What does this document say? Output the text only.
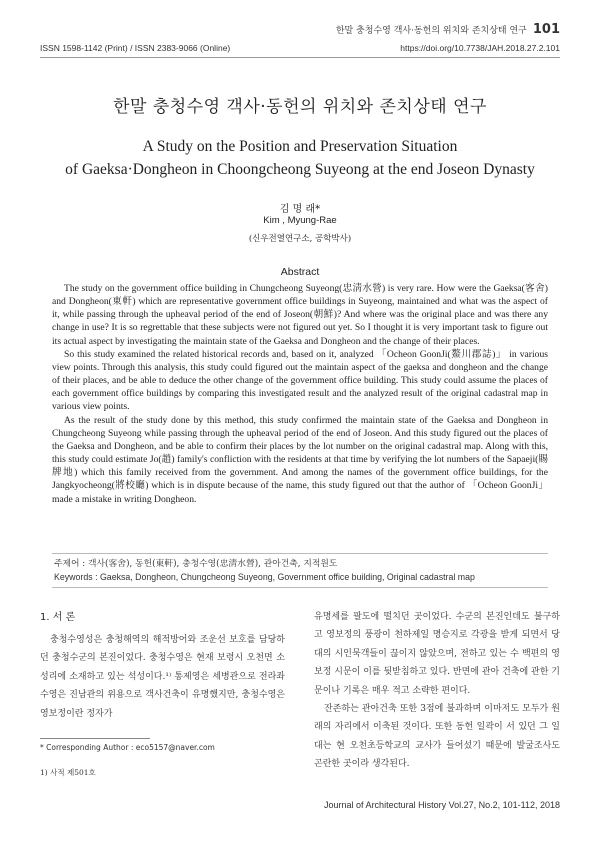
한말 충청수영 객사·동헌의 위치와 존치상태 연구 101
ISSN 1598-1142 (Print) / ISSN 2383-9066 (Online)	https://doi.org/10.7738/JAH.2018.27.2.101
한말 충청수영 객사·동헌의 위치와 존치상태 연구
A Study on the Position and Preservation Situation
of Gaeksa·Dongheon in Choongcheong Suyeong at the end Joseon Dynasty
김 명 래*
Kim , Myung-Rae
(신우전열연구소, 공학박사)
Abstract

The study on the government office building in Chungcheong Suyeong(忠淸水營) is very rare. How were the Gaeksa(客舍) and Dongheon(東軒) which are representative government office buildings in Suyeong, maintained and what was the aspect of it, while passing through the upheaval period of the end of Joseon(朝鮮)? And where was the original place and was there any change in use? It is so regrettable that these subjects were not figured out yet. So I thought it is very important task to figure out its actual aspect by investigating the maintain state of the Gaeksa and Dongheon and the change of their places.

So this study examined the related historical records and, based on it, analyzed 「Ocheon GoonJi(鰲川郡誌)」 in various view points. Through this analysis, this study could figured out the maintain aspect of the gaeksa and dongheon and the change of their places, and be able to deduce the other change of the government office building. This study could assume the places of each government office buildings by comparing this investigated result and the analyzed result of the original cadastral map in various view points.

As the result of the study done by this method, this study confirmed the maintain state of the Gaeksa and Dongheon in Chungcheong Suyeong while passing through the upheaval period of the end of Joseon. And this study figured out the places of the Gaeksa and Dongheon, and be able to confirm their places by the lot number on the original cadastral map. Along with this, this study could estimate Jo(趙) family's confliction with the residents at that time by verifying the lot numbers of the Sapaeji(賜牌地) which this family received from the government. And among the names of the government office buildings, for the Jangkyocheong(將校廳) which is in dispute because of the name, this study figured out that the author of 「Ocheon GoonJi」 made a mistake in writing Dongheon.

주제어 : 객사(客舍), 동헌(東軒), 충청수영(忠淸水營), 관아건축, 지적원도
Keywords : Gaeksa, Dongheon, Chungcheong Suyeong, Government office building, Original cadastral map
1. 서 론

충청수영성은 충청해역의 해적방어와 조운선 보호를 담당하던 충청수군의 본진이었다. 충청수영은 현재 보령시 오천면 소성리에 소재하고 있는 석성이다.¹⁾ 통제영은 세병관으로 전라좌수영은 진남관의 위용으로 객사건축이 유명했지만, 충청수영은 영보정이란 정자가

유명세를 팔도에 떨치던 곳이었다. 수군의 본진인데도 불구하고 영보정의 풍광이 천하제일 명승지로 각광을 받게 되면서 당대의 시인묵객들이 끊이지 않았으며, 전하고 있는 수 백편의 영보정 시문이 이를 뒷받침하고 있다. 반면에 관아 건축에 관한 기문이나 기록은 매우 적고 소략한 편이다.

잔존하는 관아건축 또한 3점에 불과하며 이마저도 모두가 원래의 자리에서 이축된 것이다. 또한 동헌 일곽이 서 있던 그 일대는 현 오천초등학교의 교사가 들어섰기 때문에 발굴조사도 곤란한 곳이라 생각된다.

* Corresponding Author : eco5157@naver.com
1) 사적 제501호
Journal of Architectural History Vol.27, No.2, 101-112, 2018
